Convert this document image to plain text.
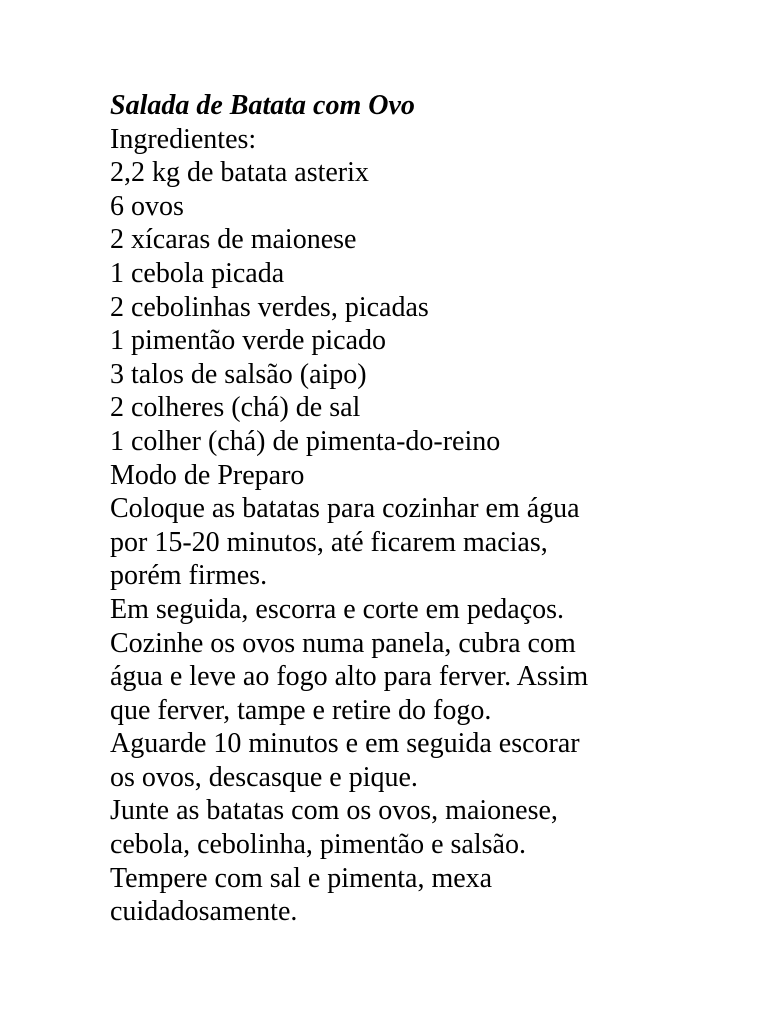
Salada de Batata com Ovo
Ingredientes:
2,2 kg de batata asterix
6 ovos
2 xícaras de maionese
1 cebola picada
2 cebolinhas verdes, picadas
1 pimentão verde picado
3 talos de salsão (aipo)
2 colheres (chá) de sal
1 colher (chá) de pimenta-do-reino
Modo de Preparo
Coloque as batatas para cozinhar em água
por 15-20 minutos, até ficarem macias,
porém firmes.
Em seguida, escorra e corte em pedaços.
Cozinhe os ovos numa panela, cubra com
água e leve ao fogo alto para ferver. Assim
que ferver, tampe e retire do fogo.
Aguarde 10 minutos e em seguida escorar
os ovos, descasque e pique.
Junte as batatas com os ovos, maionese,
cebola, cebolinha, pimentão e salsão.
Tempere com sal e pimenta, mexa
cuidadosamente.
